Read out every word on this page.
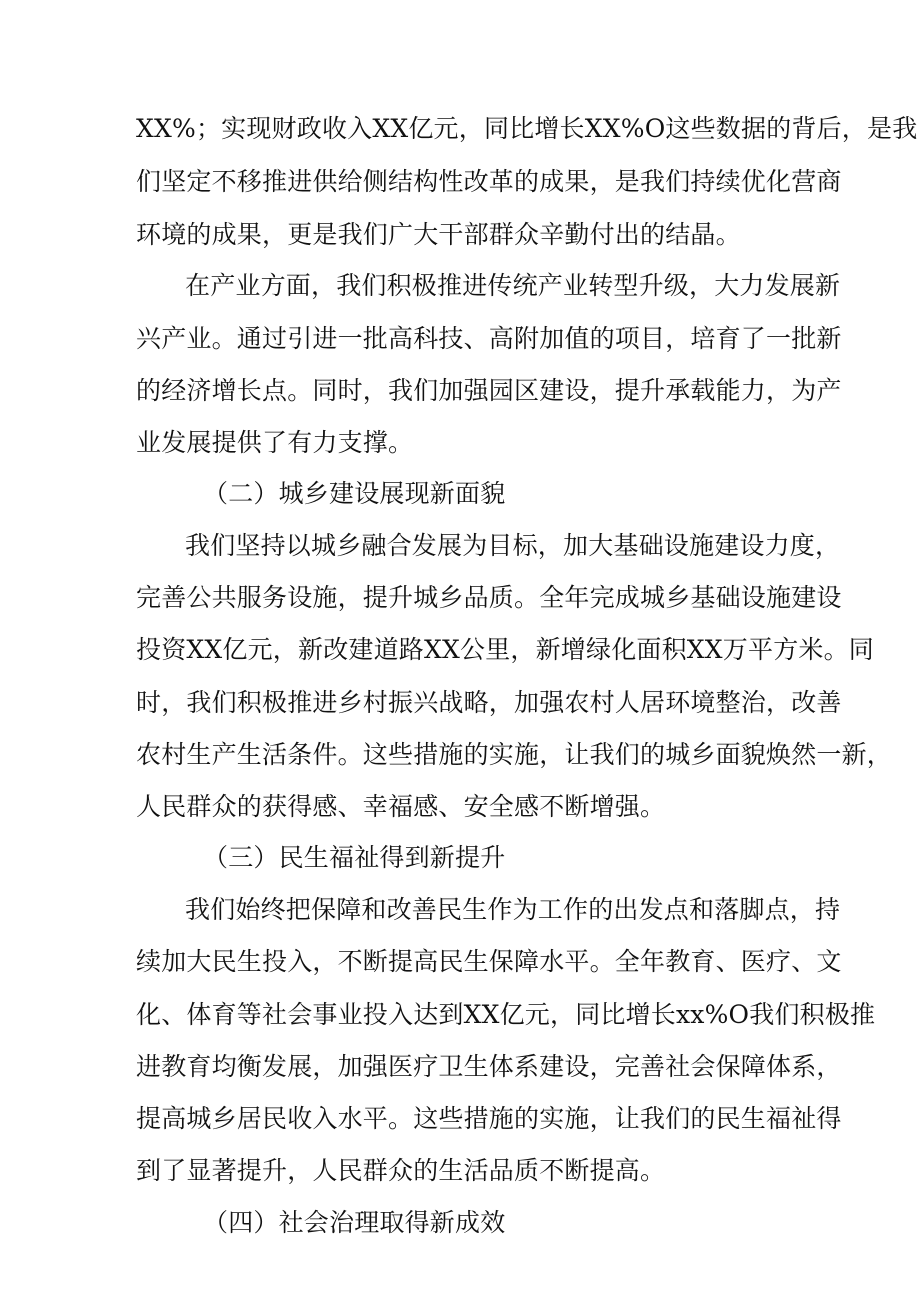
XX%；实现财政收入XX亿元，同比增长XX%O这些数据的背后，是我
们坚定不移推进供给侧结构性改革的成果，是我们持续优化营商
环境的成果，更是我们广大干部群众辛勤付出的结晶。
在产业方面，我们积极推进传统产业转型升级，大力发展新
兴产业。通过引进一批高科技、高附加值的项目，培育了一批新
的经济增长点。同时，我们加强园区建设，提升承载能力，为产
业发展提供了有力支撑。
（二）城乡建设展现新面貌
我们坚持以城乡融合发展为目标，加大基础设施建设力度，
完善公共服务设施，提升城乡品质。全年完成城乡基础设施建设
投资XX亿元，新改建道路XX公里，新增绿化面积XX万平方米。同
时，我们积极推进乡村振兴战略，加强农村人居环境整治，改善
农村生产生活条件。这些措施的实施，让我们的城乡面貌焕然一新，
人民群众的获得感、幸福感、安全感不断增强。
（三）民生福祉得到新提升
我们始终把保障和改善民生作为工作的出发点和落脚点，持
续加大民生投入，不断提高民生保障水平。全年教育、医疗、文
化、体育等社会事业投入达到XX亿元，同比增长xx%O我们积极推
进教育均衡发展，加强医疗卫生体系建设，完善社会保障体系，
提高城乡居民收入水平。这些措施的实施，让我们的民生福祉得
到了显著提升，人民群众的生活品质不断提高。
（四）社会治理取得新成效
